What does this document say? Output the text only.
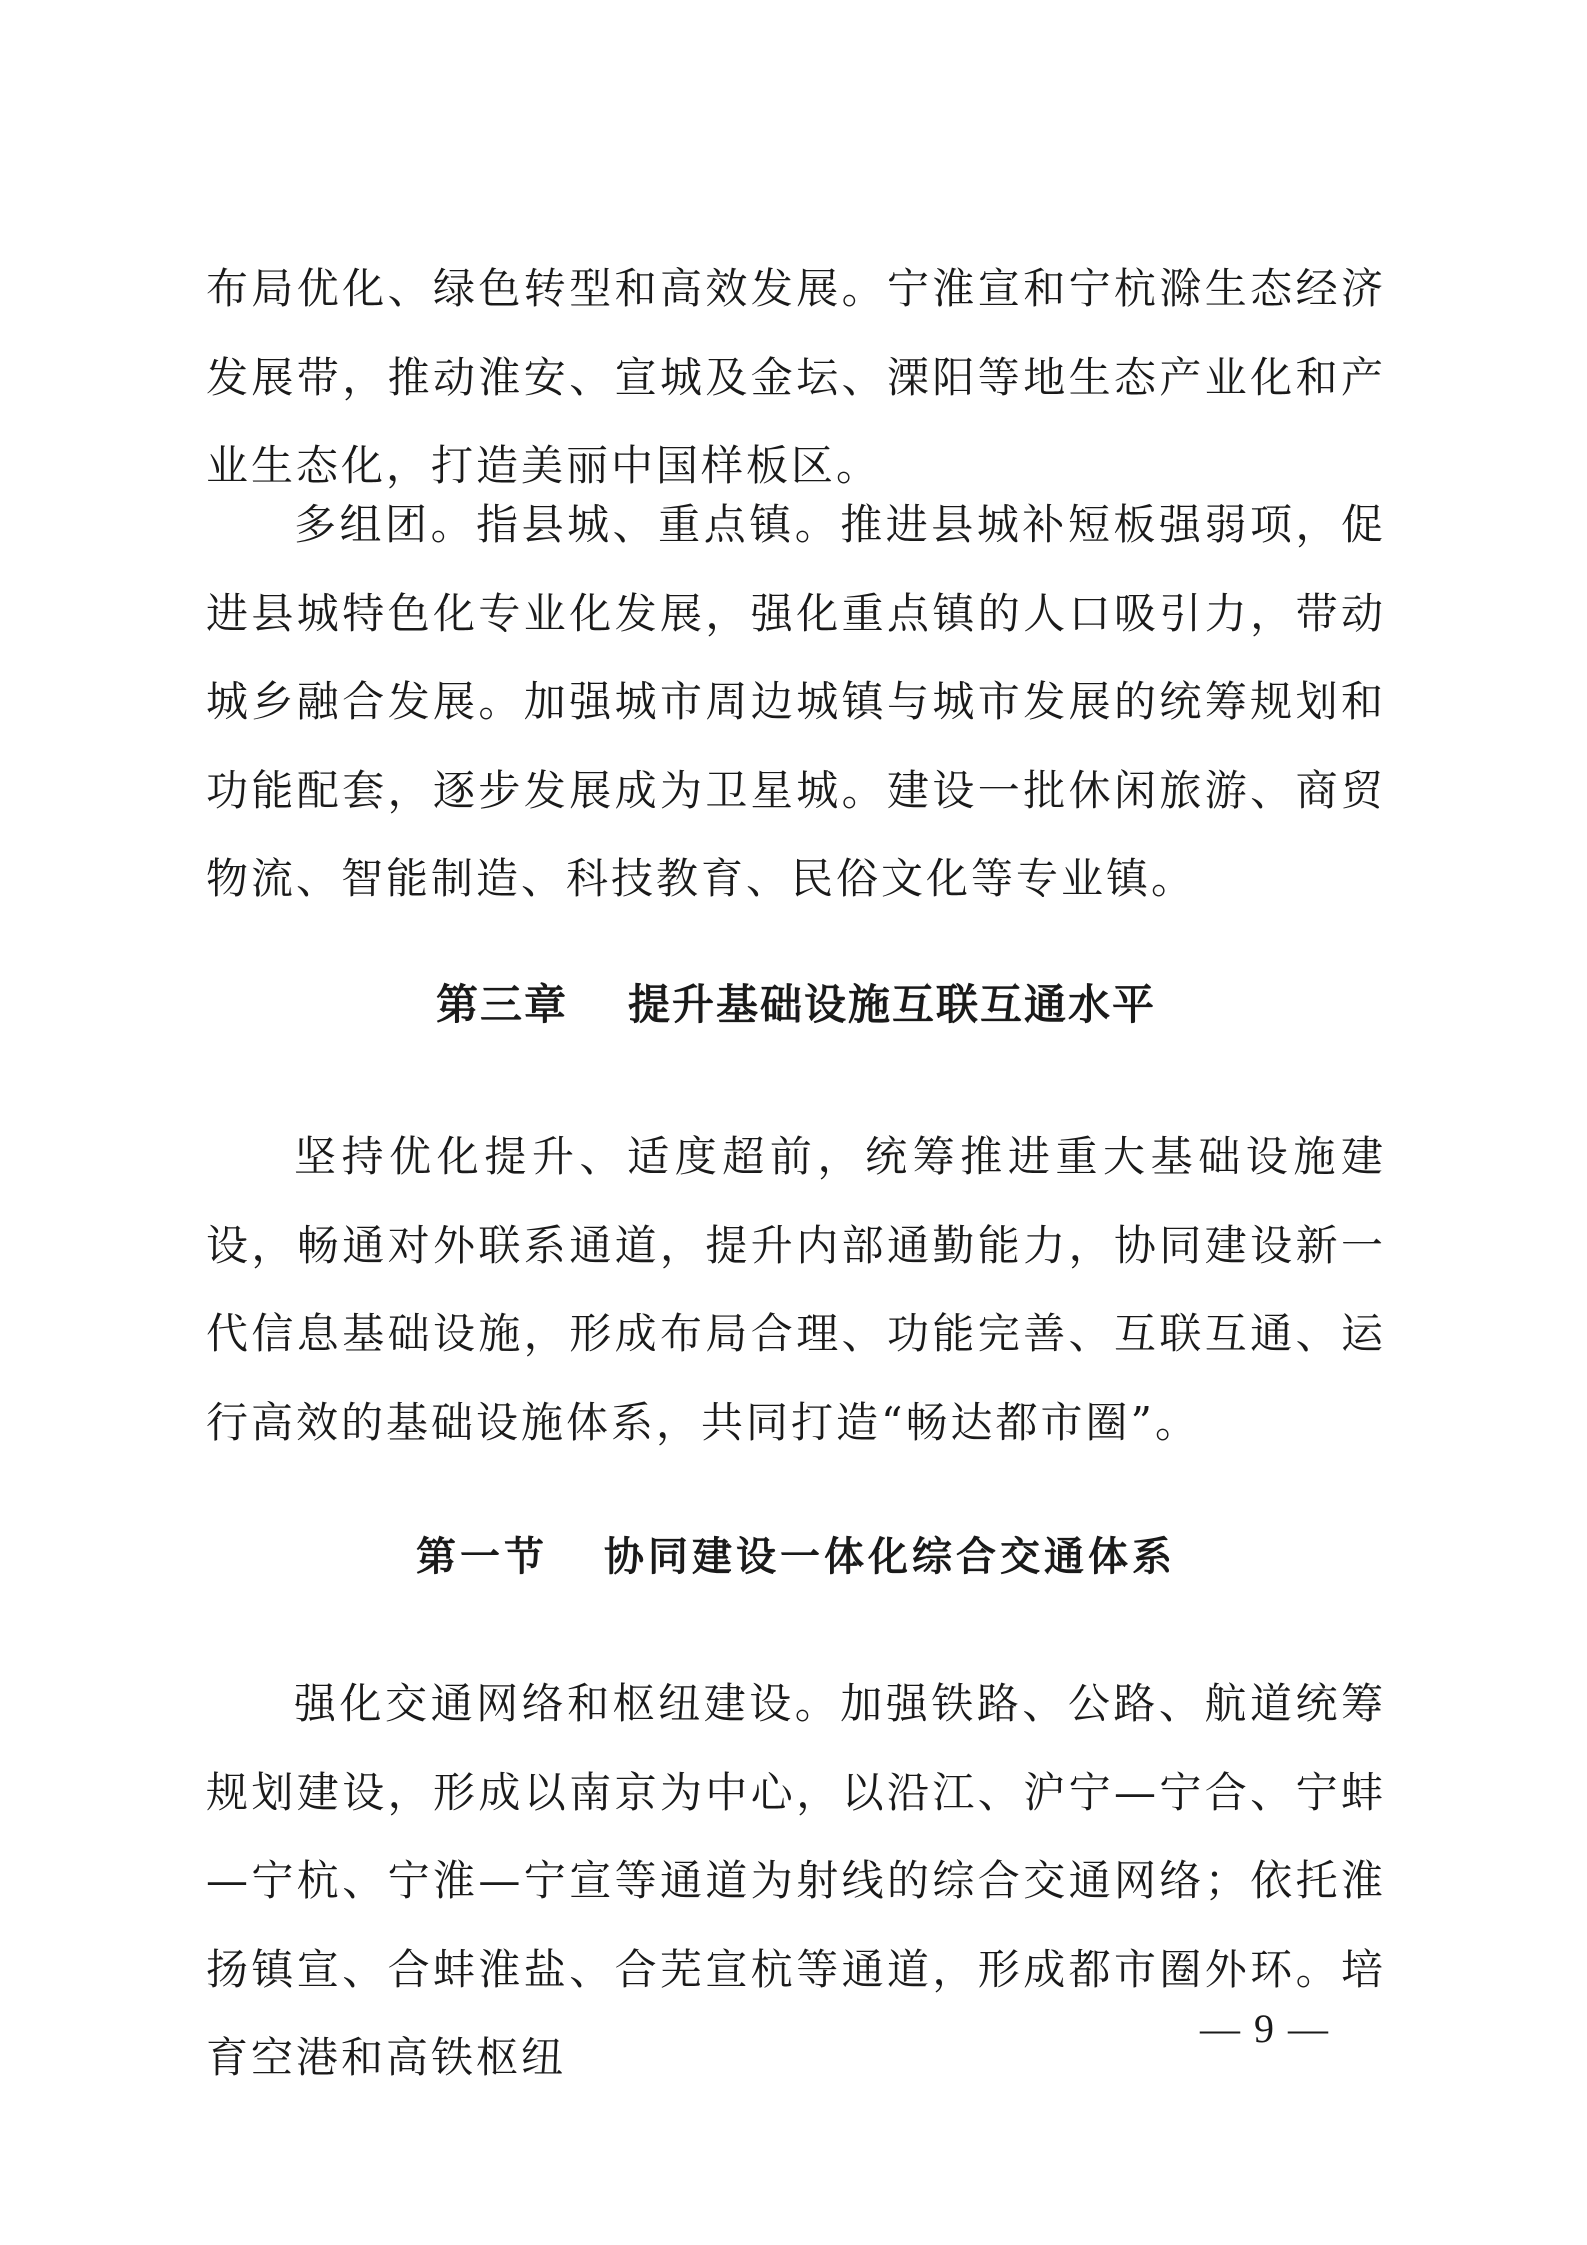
布局优化、绿色转型和高效发展。宁淮宣和宁杭滁生态经济发展带，推动淮安、宣城及金坛、溧阳等地生态产业化和产业生态化，打造美丽中国样板区。

多组团。指县城、重点镇。推进县城补短板强弱项，促进县城特色化专业化发展，强化重点镇的人口吸引力，带动城乡融合发展。加强城市周边城镇与城市发展的统筹规划和功能配套，逐步发展成为卫星城。建设一批休闲旅游、商贸物流、智能制造、科技教育、民俗文化等专业镇。

第三章 提升基础设施互联互通水平

坚持优化提升、适度超前，统筹推进重大基础设施建设，畅通对外联系通道，提升内部通勤能力，协同建设新一代信息基础设施，形成布局合理、功能完善、互联互通、运行高效的基础设施体系，共同打造“畅达都市圈”。

第一节 协同建设一体化综合交通体系

强化交通网络和枢纽建设。加强铁路、公路、航道统筹规划建设，形成以南京为中心，以沿江、沪宁—宁合、宁蚌—宁杭、宁淮—宁宣等通道为射线的综合交通网络；依托淮扬镇宣、合蚌淮盐、合芜宣杭等通道，形成都市圈外环。培育空港和高铁枢纽

— 9 —
